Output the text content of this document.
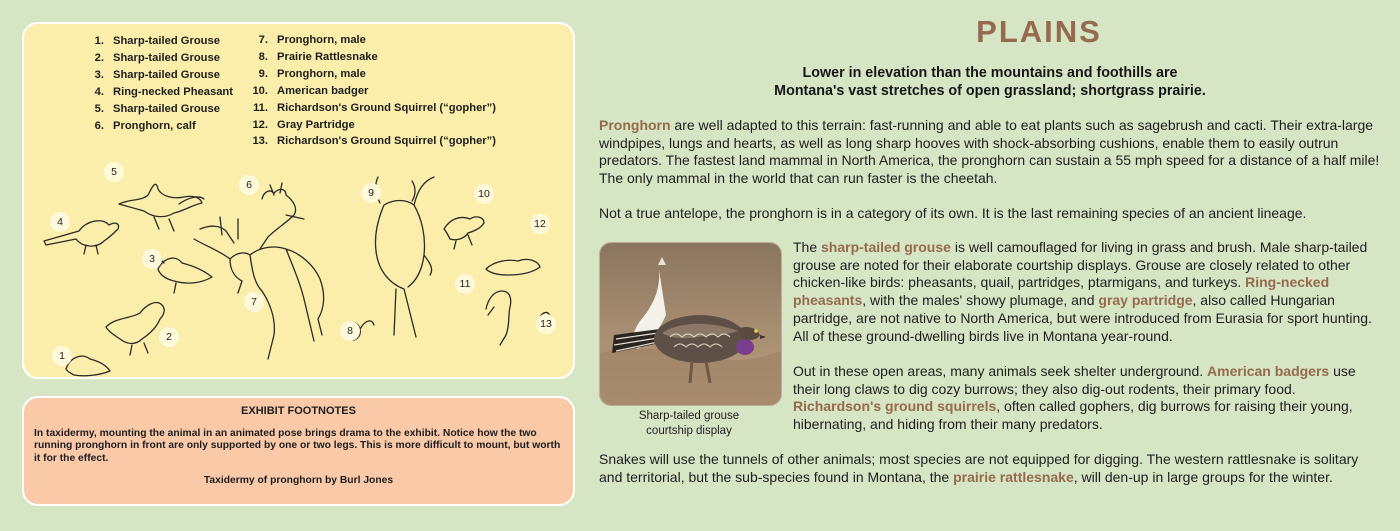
1. Sharp-tailed Grouse
2. Sharp-tailed Grouse
3. Sharp-tailed Grouse
4. Ring-necked Pheasant
5. Sharp-tailed Grouse
6. Pronghorn, calf
7. Pronghorn, male
8. Prairie Rattlesnake
9. Pronghorn, male
10. American badger
11. Richardson's Ground Squirrel (“gopher”)
12. Gray Partridge
13. Richardson's Ground Squirrel (“gopher”)
1
2
3
4
5
6
7
8
9	10
11
12
13

EXHIBIT FOOTNOTES

In taxidermy, mounting the animal in an animated pose brings drama to the exhibit. Notice how the two running pronghorn in front are only supported by one or two legs. This is more difficult to mount, but worth it for the effect.

Taxidermy of pronghorn by Burl Jones

PLAINS
Lower in elevation than the mountains and foothills are
Montana's vast stretches of open grassland; shortgrass prairie.

Pronghorn are well adapted to this terrain: fast-running and able to eat plants such as sagebrush and cacti. Their extra-large windpipes, lungs and hearts, as well as long sharp hooves with shock-absorbing cushions, enable them to easily outrun predators. The fastest land mammal in North America, the pronghorn can sustain a 55 mph speed for a distance of a half mile! The only mammal in the world that can run faster is the cheetah.

Not a true antelope, the pronghorn is in a category of its own. It is the last remaining species of an ancient lineage.

Sharp-tailed grouse
courtship display

The sharp-tailed grouse is well camouflaged for living in grass and brush. Male sharp-tailed grouse are noted for their elaborate courtship displays. Grouse are closely related to other chicken-like birds: pheasants, quail, partridges, ptarmigans, and turkeys. Ring-necked pheasants, with the males' showy plumage, and gray partridge, also called Hungarian partridge, are not native to North America, but were introduced from Eurasia for sport hunting. All of these ground-dwelling birds live in Montana year-round.

Out in these open areas, many animals seek shelter underground. American badgers use their long claws to dig cozy burrows; they also dig-out rodents, their primary food. Richardson's ground squirrels, often called gophers, dig burrows for raising their young, hibernating, and hiding from their many predators.

Snakes will use the tunnels of other animals; most species are not equipped for digging. The western rattlesnake is solitary and territorial, but the sub-species found in Montana, the prairie rattlesnake, will den-up in large groups for the winter.
